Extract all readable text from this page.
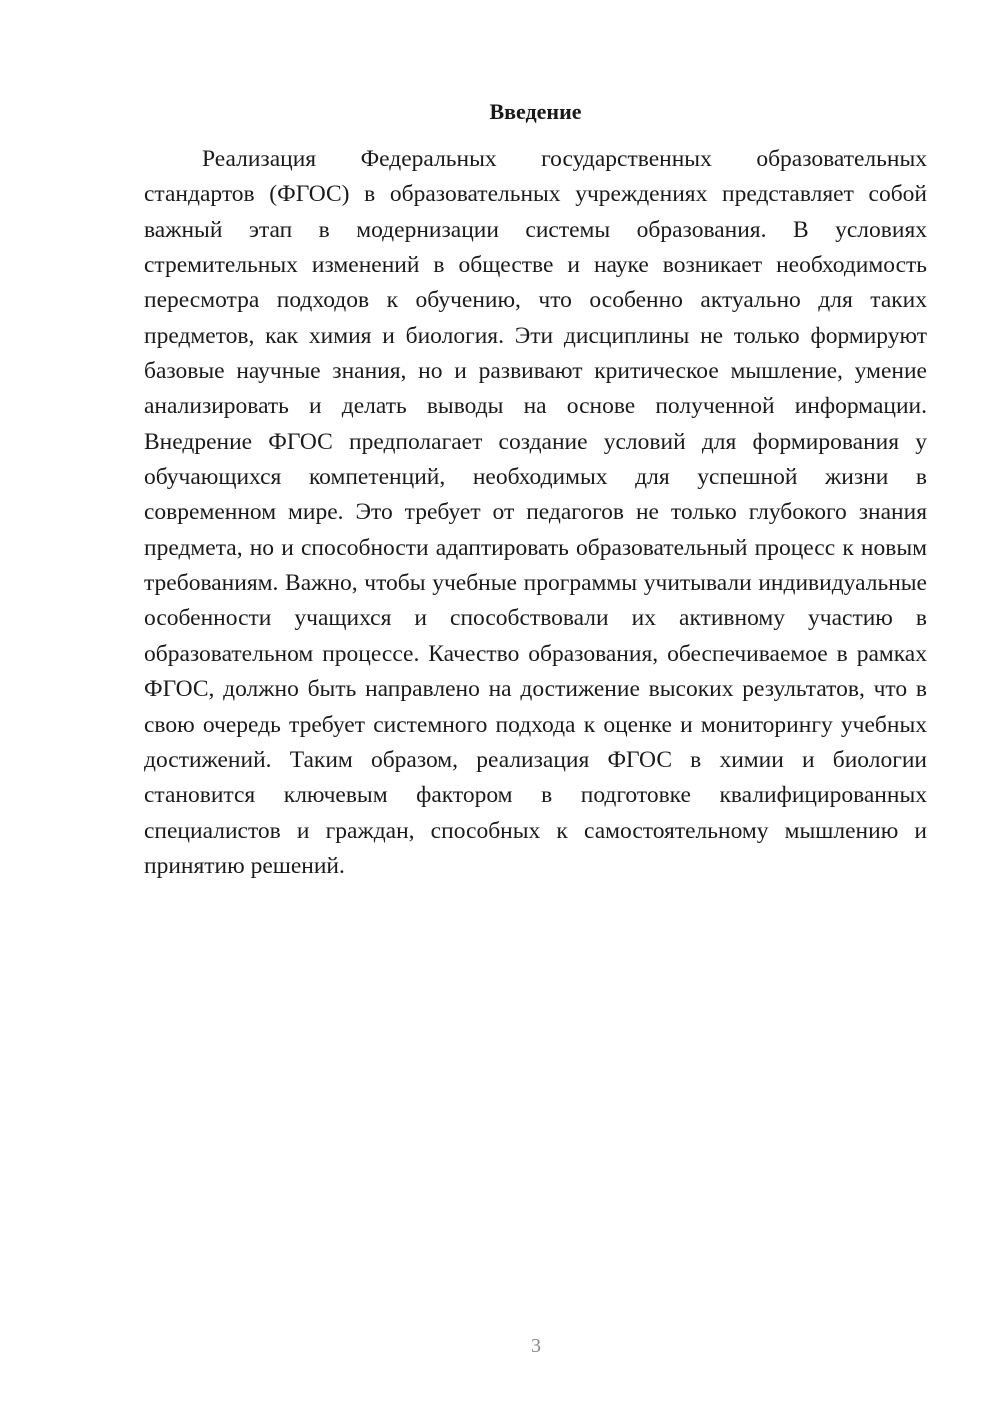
Введение

Реализация Федеральных государственных образовательных стандартов (ФГОС) в образовательных учреждениях представляет собой важный этап в модернизации системы образования. В условиях стремительных изменений в обществе и науке возникает необходимость пересмотра подходов к обучению, что особенно актуально для таких предметов, как химия и биология. Эти дисциплины не только формируют базовые научные знания, но и развивают критическое мышление, умение анализировать и делать выводы на основе полученной информации. Внедрение ФГОС предполагает создание условий для формирования у обучающихся компетенций, необходимых для успешной жизни в современном мире. Это требует от педагогов не только глубокого знания предмета, но и способности адаптировать образовательный процесс к новым требованиям. Важно, чтобы учебные программы учитывали индивидуальные особенности учащихся и способствовали их активному участию в образовательном процессе. Качество образования, обеспечиваемое в рамках ФГОС, должно быть направлено на достижение высоких результатов, что в свою очередь требует системного подхода к оценке и мониторингу учебных достижений. Таким образом, реализация ФГОС в химии и биологии становится ключевым фактором в подготовке квалифицированных специалистов и граждан, способных к самостоятельному мышлению и принятию решений.

3
